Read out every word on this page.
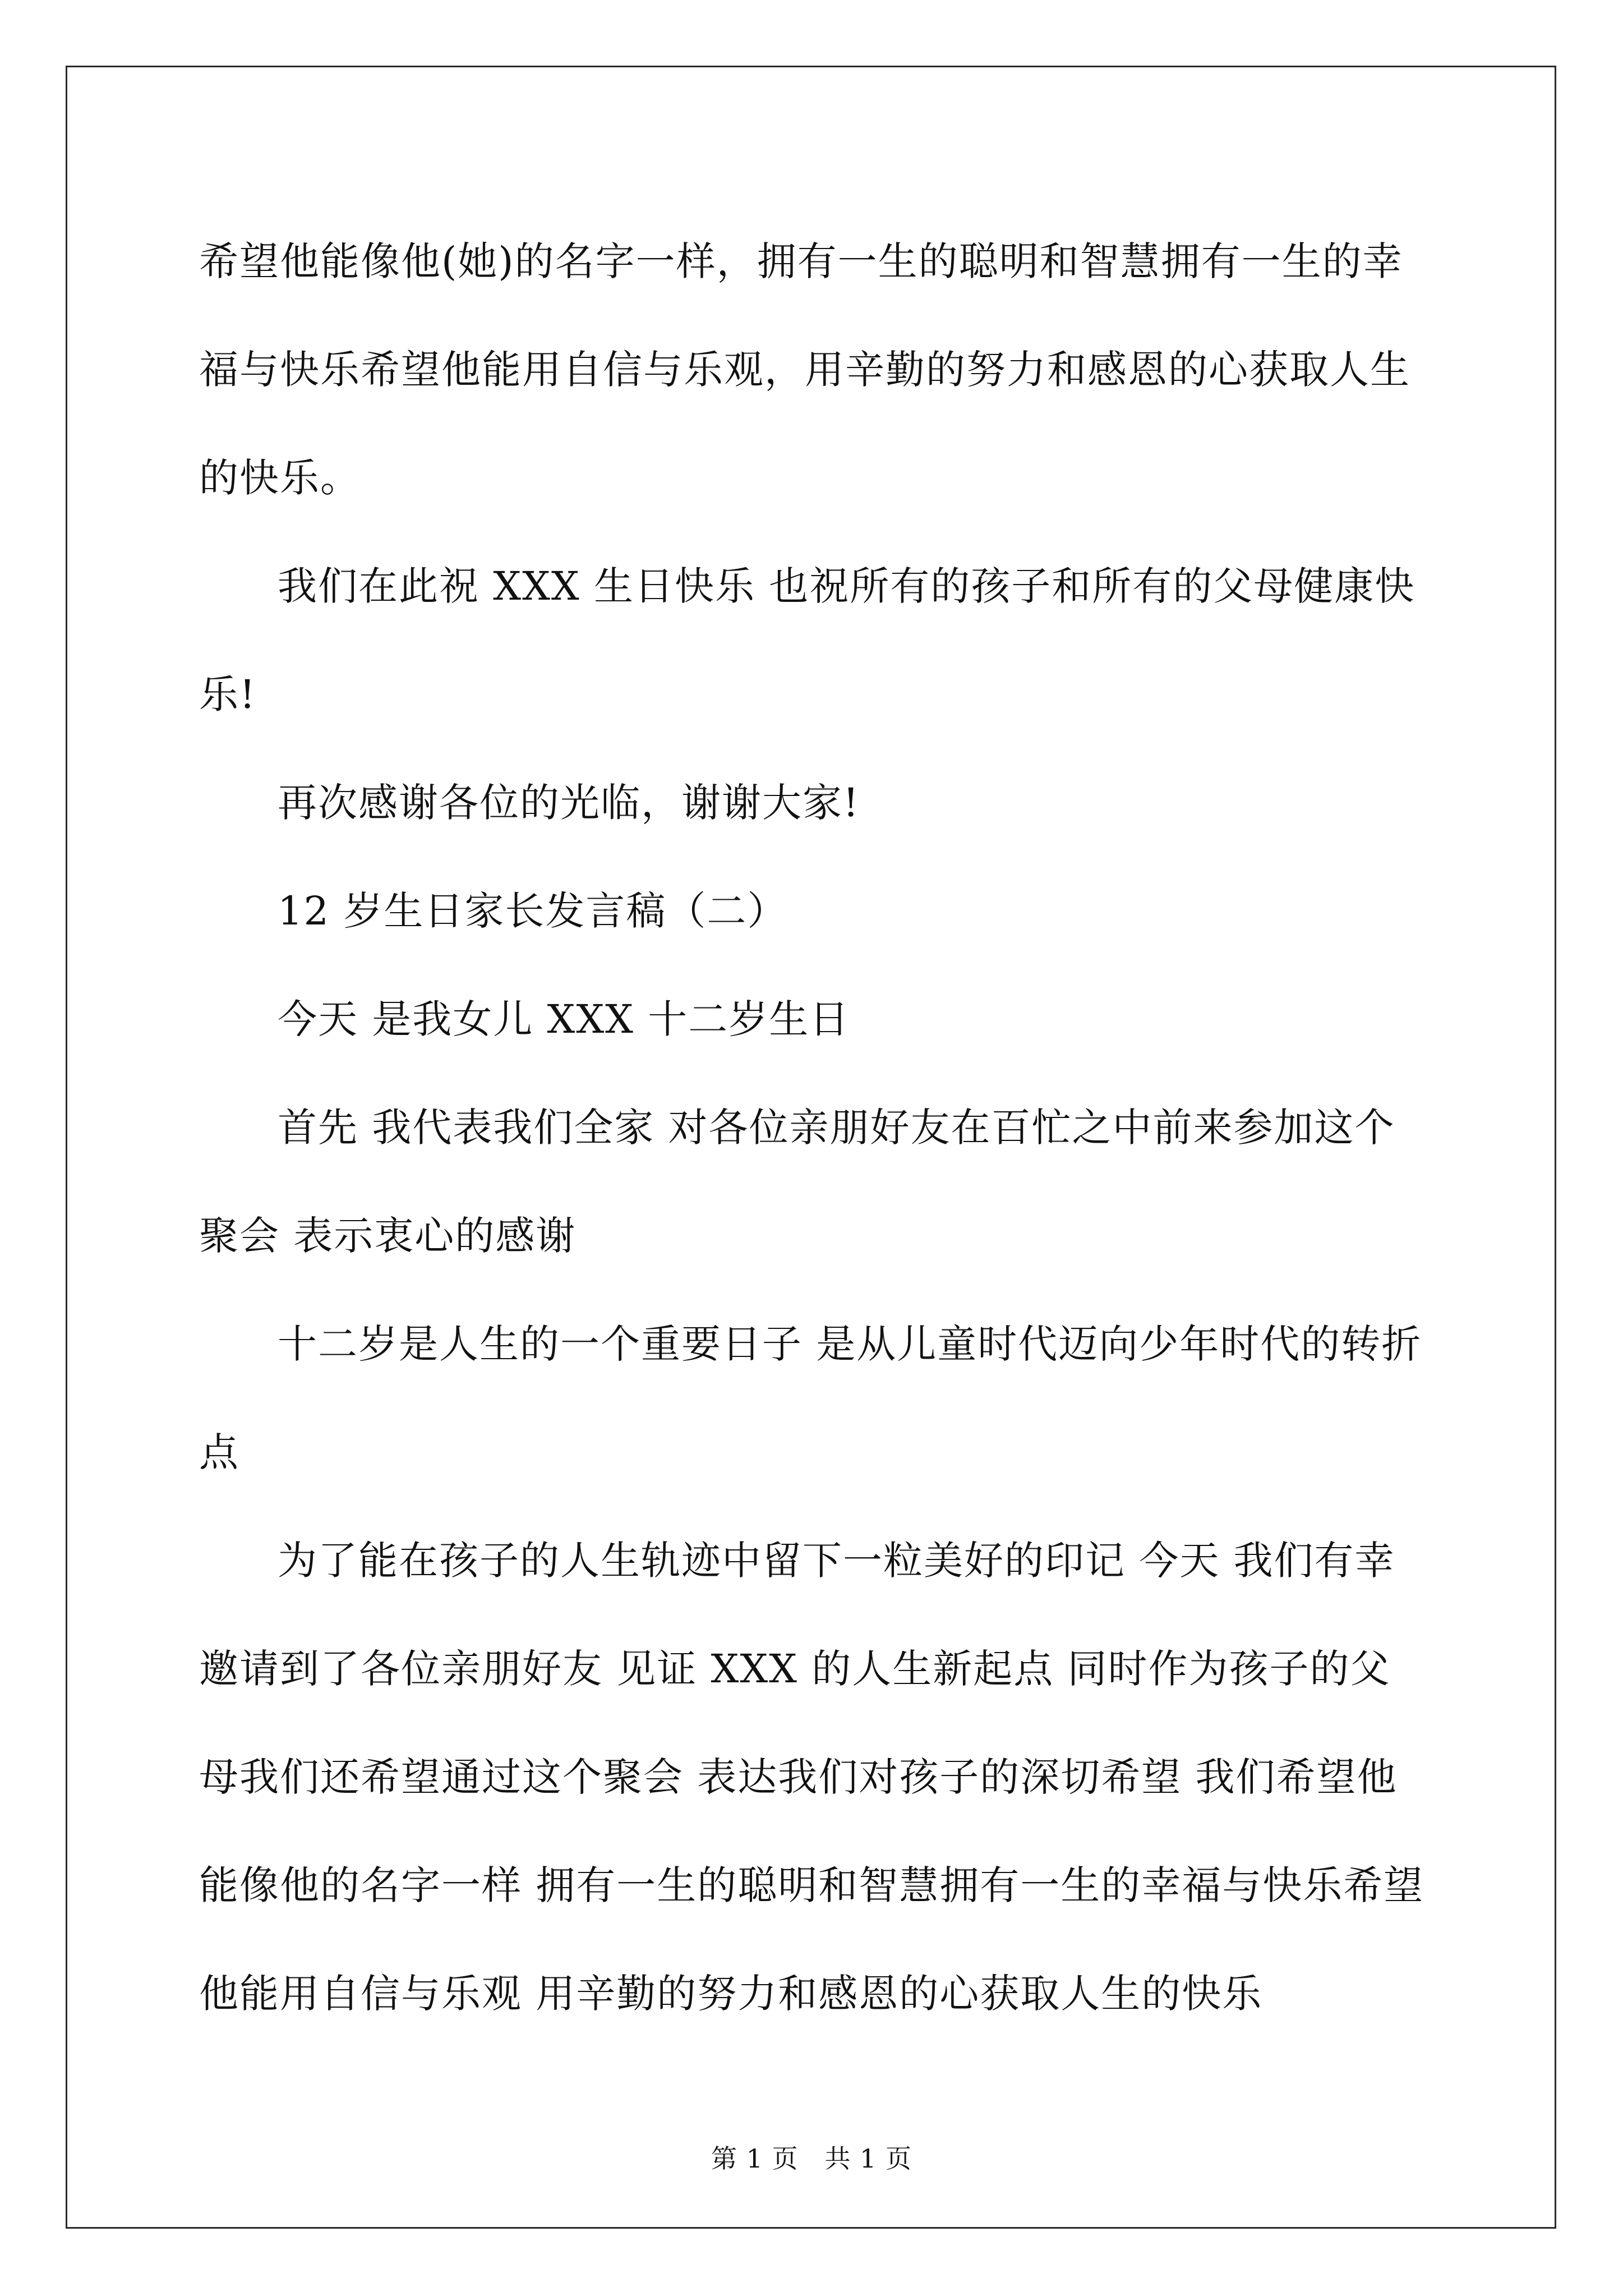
希望他能像他(她)的名字一样，拥有一生的聪明和智慧拥有一生的幸福与快乐希望他能用自信与乐观，用辛勤的努力和感恩的心获取人生的快乐。

我们在此祝 XXX 生日快乐 也祝所有的孩子和所有的父母健康快乐!

再次感谢各位的光临，谢谢大家!

12 岁生日家长发言稿（二）

今天 是我女儿 XXX 十二岁生日

首先 我代表我们全家 对各位亲朋好友在百忙之中前来参加这个聚会 表示衷心的感谢

十二岁是人生的一个重要日子 是从儿童时代迈向少年时代的转折点

为了能在孩子的人生轨迹中留下一粒美好的印记 今天 我们有幸邀请到了各位亲朋好友 见证 XXX 的人生新起点 同时作为孩子的父母我们还希望通过这个聚会 表达我们对孩子的深切希望 我们希望他能像他的名字一样 拥有一生的聪明和智慧拥有一生的幸福与快乐希望他能用自信与乐观 用辛勤的努力和感恩的心获取人生的快乐

第 1 页 共 1 页
